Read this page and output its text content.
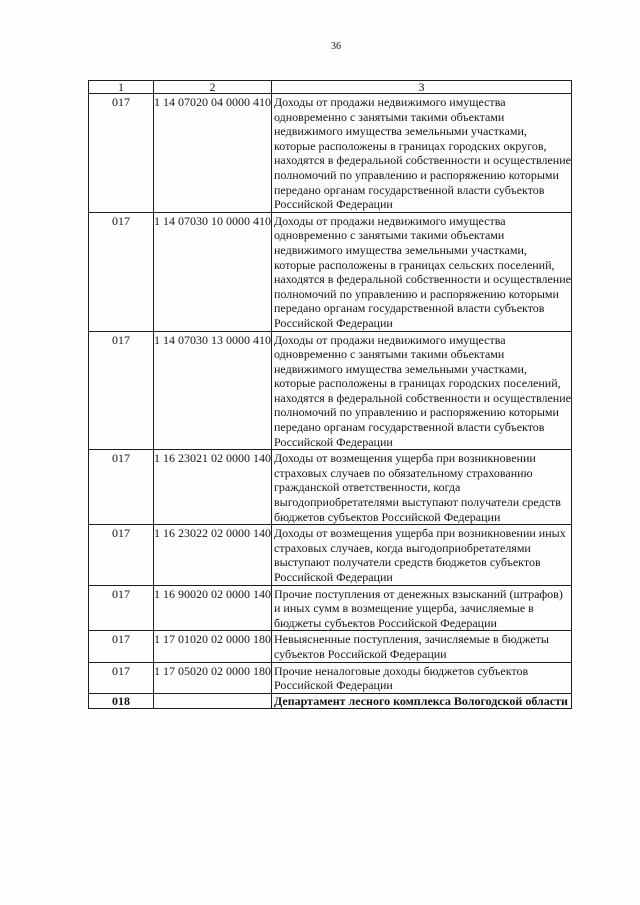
36
1	2	3
017	1 14 07020 04 0000 410	Доходы от продажи недвижимого имущества одновременно с занятыми такими объектами недвижимого имущества земельными участками, которые расположены в границах городских округов, находятся в федеральной собственности и осуществление полномочий по управлению и распоряжению которыми передано органам государственной власти субъектов Российской Федерации
017	1 14 07030 10 0000 410	Доходы от продажи недвижимого имущества одновременно с занятыми такими объектами недвижимого имущества земельными участками, которые расположены в границах сельских поселений, находятся в федеральной собственности и осуществление полномочий по управлению и распоряжению которыми передано органам государственной власти субъектов Российской Федерации
017	1 14 07030 13 0000 410	Доходы от продажи недвижимого имущества одновременно с занятыми такими объектами недвижимого имущества земельными участками, которые расположены в границах городских поселений, находятся в федеральной собственности и осуществление полномочий по управлению и распоряжению которыми передано органам государственной власти субъектов Российской Федерации
017	1 16 23021 02 0000 140	Доходы от возмещения ущерба при возникновении страховых случаев по обязательному страхованию гражданской ответственности, когда выгодоприобретателями выступают получатели средств бюджетов субъектов Российской Федерации
017	1 16 23022 02 0000 140	Доходы от возмещения ущерба при возникновении иных страховых случаев, когда выгодоприобретателями выступают получатели средств бюджетов субъектов Российской Федерации
017	1 16 90020 02 0000 140	Прочие поступления от денежных взысканий (штрафов) и иных сумм в возмещение ущерба, зачисляемые в бюджеты субъектов Российской Федерации
017	1 17 01020 02 0000 180	Невыясненные поступления, зачисляемые в бюджеты субъектов Российской Федерации
017	1 17 05020 02 0000 180	Прочие неналоговые доходы бюджетов субъектов Российской Федерации
018		Департамент лесного комплекса Вологодской области
